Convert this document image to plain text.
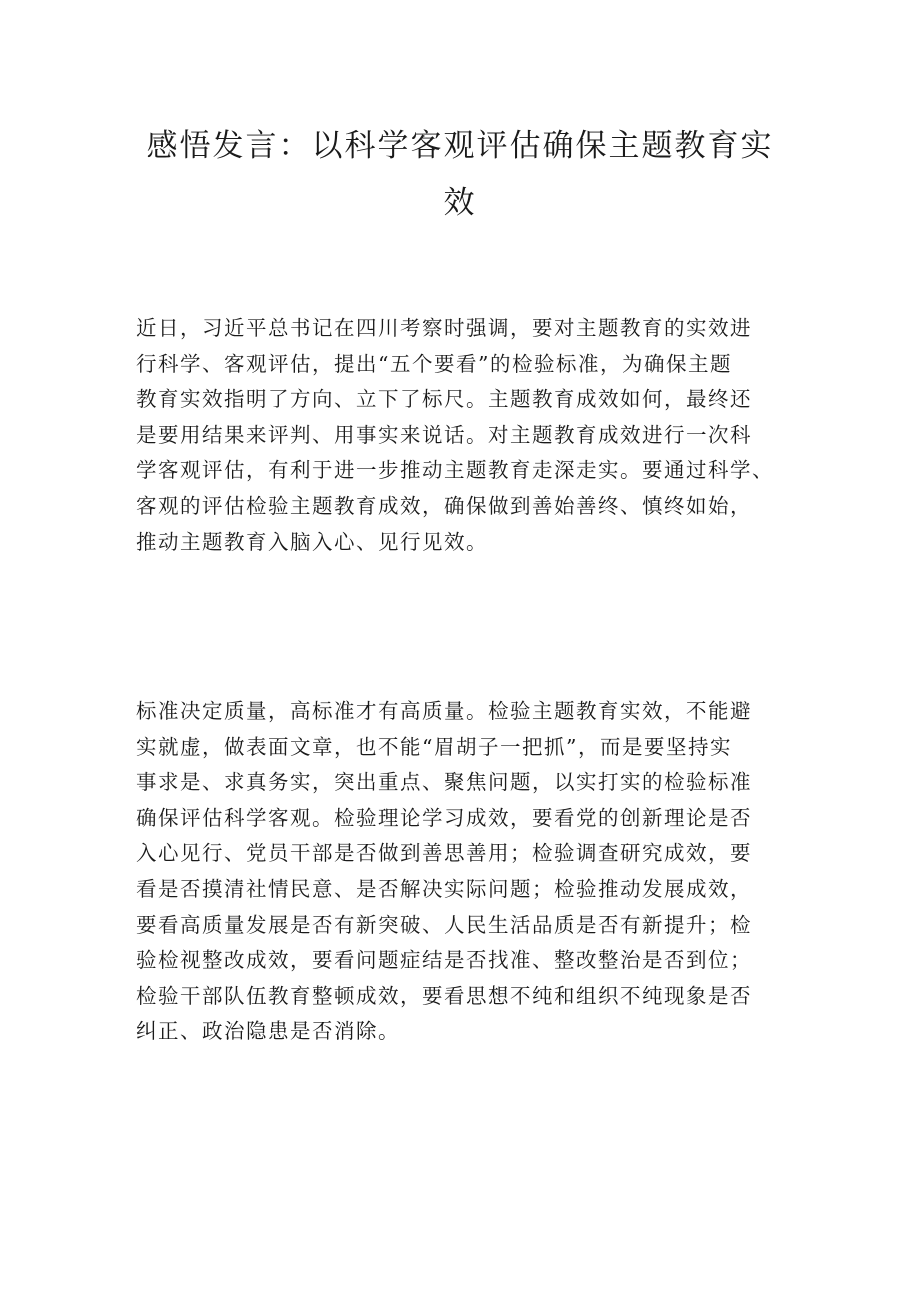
感悟发言：以科学客观评估确保主题教育实
效
近日，习近平总书记在四川考察时强调，要对主题教育的实效进
行科学、客观评估，提出“五个要看”的检验标准，为确保主题
教育实效指明了方向、立下了标尺。主题教育成效如何，最终还
是要用结果来评判、用事实来说话。对主题教育成效进行一次科
学客观评估，有利于进一步推动主题教育走深走实。要通过科学、
客观的评估检验主题教育成效，确保做到善始善终、慎终如始，
推动主题教育入脑入心、见行见效。
标准决定质量，高标准才有高质量。检验主题教育实效，不能避
实就虚，做表面文章，也不能“眉胡子一把抓”，而是要坚持实
事求是、求真务实，突出重点、聚焦问题，以实打实的检验标准
确保评估科学客观。检验理论学习成效，要看党的创新理论是否
入心见行、党员干部是否做到善思善用；检验调查研究成效，要
看是否摸清社情民意、是否解决实际问题；检验推动发展成效，
要看高质量发展是否有新突破、人民生活品质是否有新提升；检
验检视整改成效，要看问题症结是否找准、整改整治是否到位；
检验干部队伍教育整顿成效，要看思想不纯和组织不纯现象是否
纠正、政治隐患是否消除。
